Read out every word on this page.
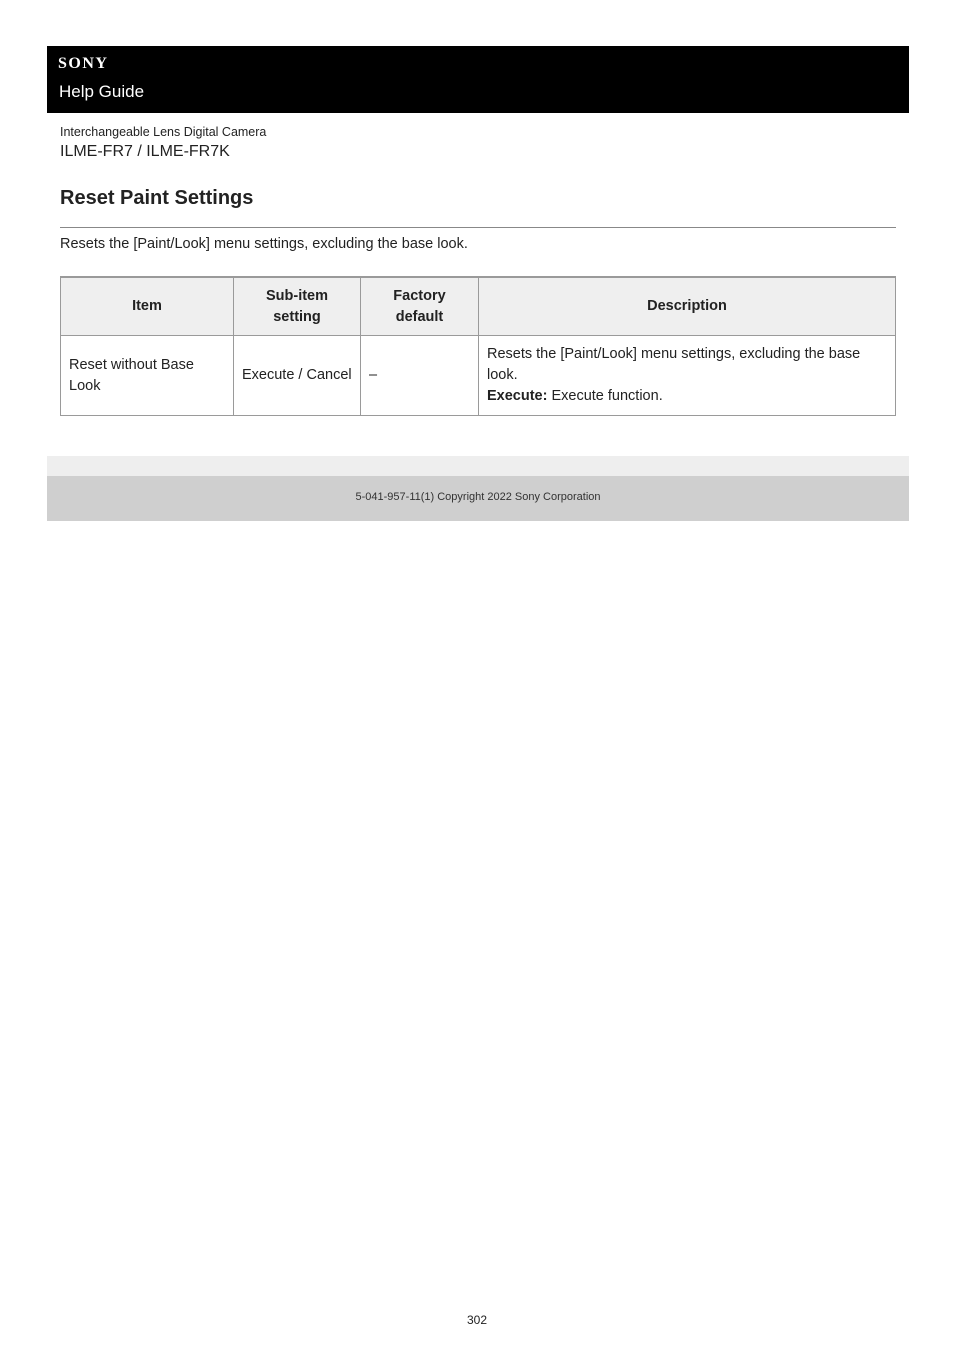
SONY
Help Guide
Interchangeable Lens Digital Camera
ILME-FR7 / ILME-FR7K
Reset Paint Settings
Resets the [Paint/Look] menu settings, excluding the base look.
Item	Sub-item setting	Factory default	Description
Reset without Base Look	Execute / Cancel	–	Resets the [Paint/Look] menu settings, excluding the base look.
Execute: Execute function.
5-041-957-11(1) Copyright 2022 Sony Corporation
302
